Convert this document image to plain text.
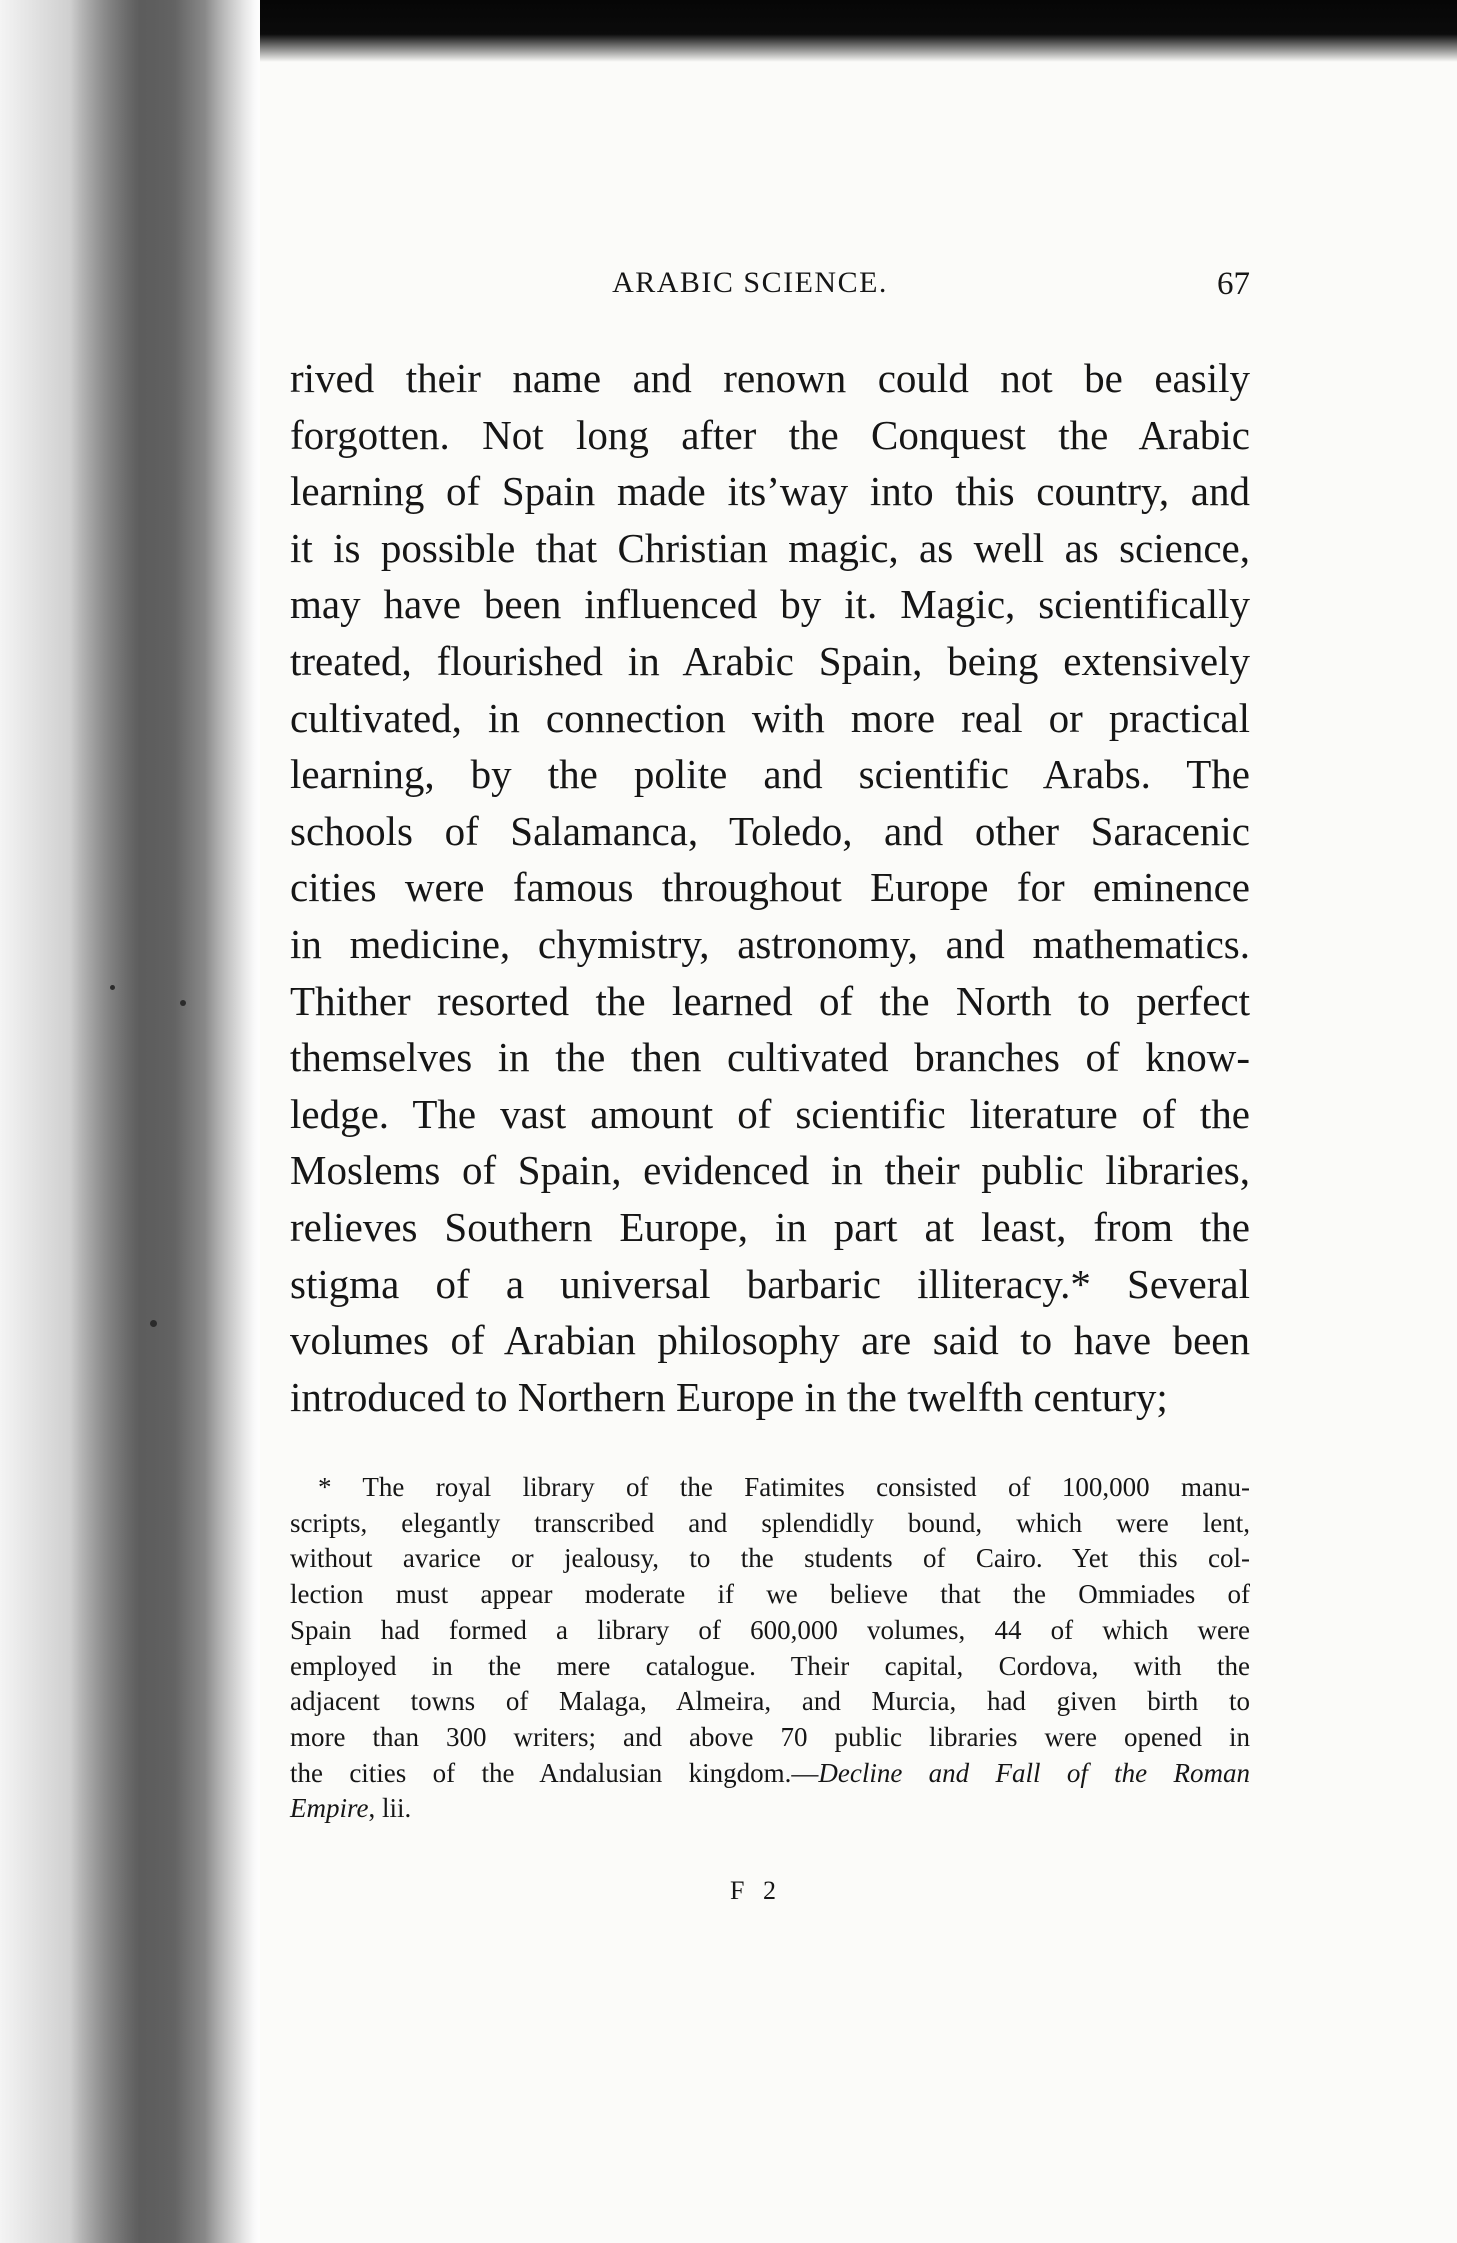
ARABIC SCIENCE.	67
rived their name and renown could not be easily
forgotten. Not long after the Conquest the Arabic
learning of Spain made its’way into this country, and
it is possible that Christian magic, as well as science,
may have been influenced by it. Magic, scientifically
treated, flourished in Arabic Spain, being extensively
cultivated, in connection with more real or practical
learning, by the polite and scientific Arabs. The
schools of Salamanca, Toledo, and other Saracenic
cities were famous throughout Europe for eminence
in medicine, chymistry, astronomy, and mathematics.
Thither resorted the learned of the North to perfect
themselves in the then cultivated branches of know-
ledge. The vast amount of scientific literature of the
Moslems of Spain, evidenced in their public libraries,
relieves Southern Europe, in part at least, from the
stigma of a universal barbaric illiteracy.* Several
volumes of Arabian philosophy are said to have been
introduced to Northern Europe in the twelfth century;
* The royal library of the Fatimites consisted of 100,000 manu-
scripts, elegantly transcribed and splendidly bound, which were lent,
without avarice or jealousy, to the students of Cairo. Yet this col-
lection must appear moderate if we believe that the Ommiades of
Spain had formed a library of 600,000 volumes, 44 of which were
employed in the mere catalogue. Their capital, Cordova, with the
adjacent towns of Malaga, Almeira, and Murcia, had given birth to
more than 300 writers; and above 70 public libraries were opened in
the cities of the Andalusian kingdom.—Decline and Fall of the Roman
Empire, lii.
F 2
